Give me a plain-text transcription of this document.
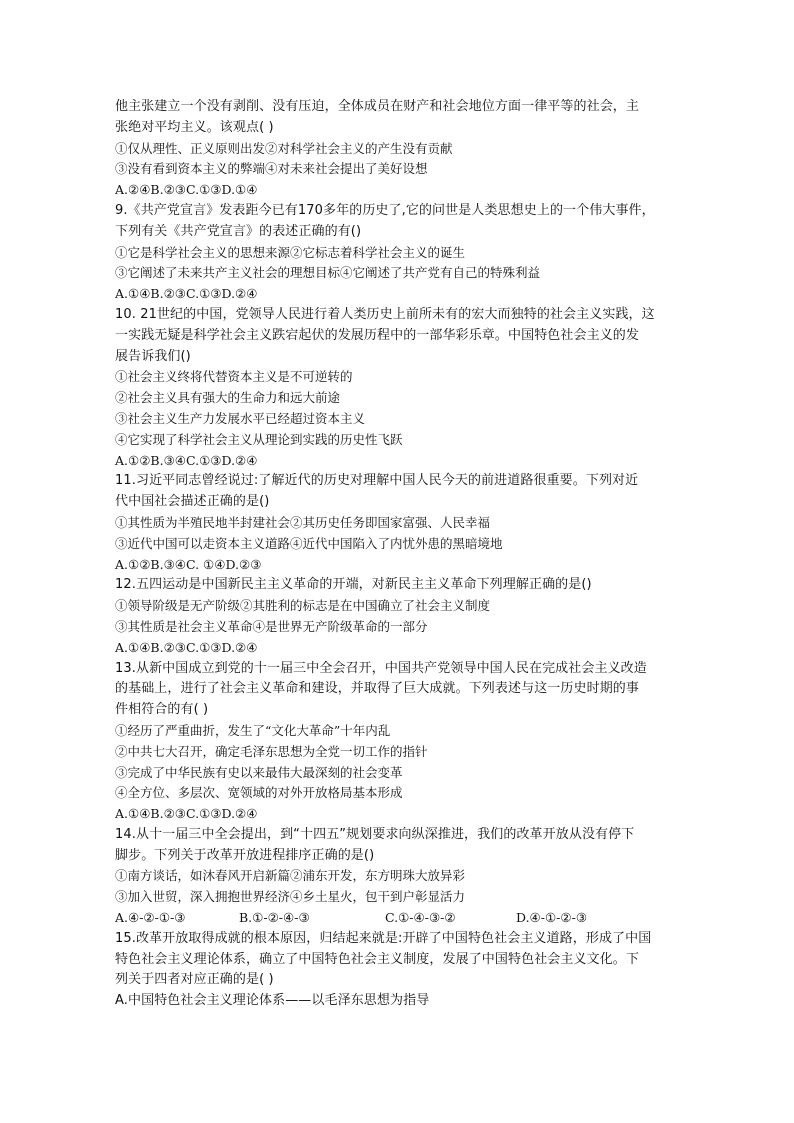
他主张建立一个没有剥削、没有压迫，全体成员在财产和社会地位方面一律平等的社会，主
张绝对平均主义。该观点( )
①仅从理性、正义原则出发②对科学社会主义的产生没有贡献
③没有看到资本主义的弊端④对未来社会提出了美好设想
A.②④B.②③C.①③D.①④
9.《共产党宣言》发表距今已有170多年的历史了,它的问世是人类思想史上的一个伟大事件，
下列有关《共产党宣言》的表述正确的有()
①它是科学社会主义的思想来源②它标志着科学社会主义的诞生
③它阐述了未来共产主义社会的理想目标④它阐述了共产党有自己的特殊利益
A.①④B.②③C.①③D.②④
10. 21世纪的中国，党领导人民进行着人类历史上前所未有的宏大而独特的社会主义实践，这
一实践无疑是科学社会主义跌宕起伏的发展历程中的一部华彩乐章。中国特色社会主义的发
展告诉我们()
①社会主义终将代替资本主义是不可逆转的
②社会主义具有强大的生命力和远大前途
③社会主义生产力发展水平已经超过资本主义
④它实现了科学社会主义从理论到实践的历史性飞跃
A.①②B.③④C.①③D.②④
11.习近平同志曾经说过:了解近代的历史对理解中国人民今天的前进道路很重要。下列对近
代中国社会描述正确的是()
①其性质为半殖民地半封建社会②其历史任务即国家富强、人民幸福
③近代中国可以走资本主义道路④近代中国陷入了内忧外患的黑暗境地
A.①②B.③④C. ①④D.②③
12.五四运动是中国新民主主义革命的开端，对新民主主义革命下列理解正确的是()
①领导阶级是无产阶级②其胜利的标志是在中国确立了社会主义制度
③其性质是社会主义革命④是世界无产阶级革命的一部分
A.①④B.②③C.①③D.②④
13.从新中国成立到党的十一届三中全会召开，中国共产党领导中国人民在完成社会主义改造
的基础上，进行了社会主义革命和建设，并取得了巨大成就。下列表述与这一历史时期的事
件相符合的有( )
①经历了严重曲折，发生了“文化大革命”十年内乱
②中共七大召开，确定毛泽东思想为全党一切工作的指针
③完成了中华民族有史以来最伟大最深刻的社会变革
④全方位、多层次、宽领域的对外开放格局基本形成
A.①④B.②③C.①③D.②④
14.从十一届三中全会提出，到“十四五”规划要求向纵深推进，我们的改革开放从没有停下
脚步。下列关于改革开放进程排序正确的是()
①南方谈话，如沐春风开启新篇②浦东开发，东方明珠大放异彩
③加入世贸，深入拥抱世界经济④乡土星火，包干到户彰显活力
A.④-②-①-③	B.①-②-④-③	C.①-④-③-②	D.④-①-②-③
15.改革开放取得成就的根本原因，归结起来就是:开辟了中国特色社会主义道路，形成了中国
特色社会主义理论体系，确立了中国特色社会主义制度，发展了中国特色社会主义文化。下
列关于四者对应正确的是( )
A.中国特色社会主义理论体系——以毛泽东思想为指导
